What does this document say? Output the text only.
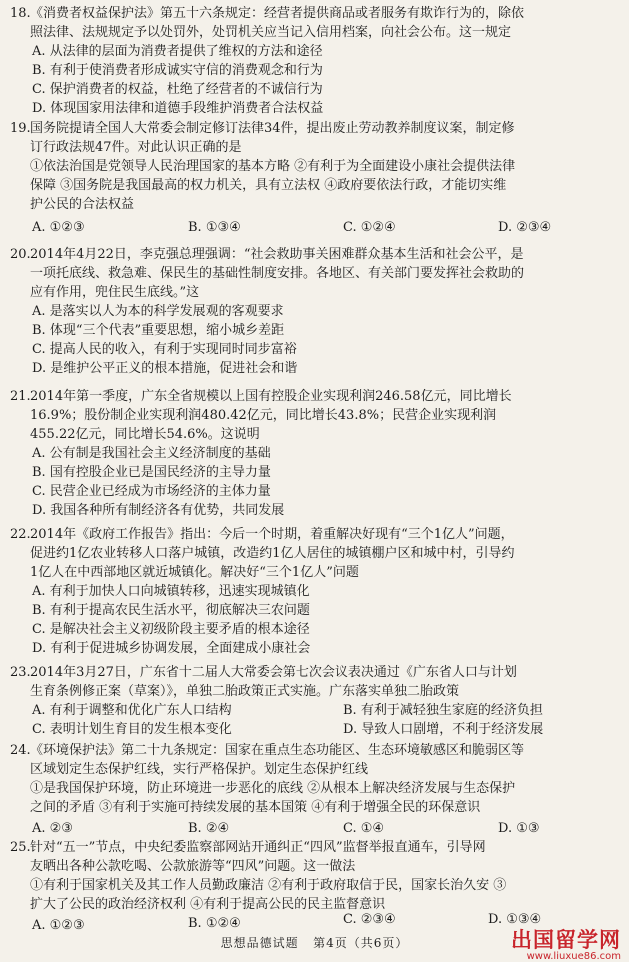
18. 《消费者权益保护法》第五十六条规定：经营者提供商品或者服务有欺诈行为的，除依
照法律、法规规定予以处罚外，处罚机关应当记入信用档案，向社会公布。这一规定
A. 从法律的层面为消费者提供了维权的方法和途径
B. 有利于使消费者形成诚实守信的消费观念和行为
C. 保护消费者的权益，杜绝了经营者的不诚信行为
D. 体现国家用法律和道德手段维护消费者合法权益
19. 国务院提请全国人大常委会制定修订法律34件，提出废止劳动教养制度议案，制定修
订行政法规47件。对此认识正确的是
①依法治国是党领导人民治理国家的基本方略 ②有利于为全面建设小康社会提供法律
保障 ③国务院是我国最高的权力机关，具有立法权 ④政府要依法行政，才能切实维
护公民的合法权益
A. ①②③	B. ①③④	C. ①②④	D. ②③④
20. 2014年4月22日，李克强总理强调：“社会救助事关困难群众基本生活和社会公平，是
一项托底线、救急难、保民生的基础性制度安排。各地区、有关部门要发挥社会救助的
应有作用，兜住民生底线。”这
A. 是落实以人为本的科学发展观的客观要求
B. 体现“三个代表”重要思想，缩小城乡差距
C. 提高人民的收入，有利于实现同时同步富裕
D. 是维护公平正义的根本措施，促进社会和谐
21. 2014年第一季度，广东全省规模以上国有控股企业实现利润246.58亿元，同比增长
16.9%；股份制企业实现利润480.42亿元，同比增长43.8%；民营企业实现利润
455.22亿元，同比增长54.6%。这说明
A. 公有制是我国社会主义经济制度的基础
B. 国有控股企业已是国民经济的主导力量
C. 民营企业已经成为市场经济的主体力量
D. 我国各种所有制经济各有优势，共同发展
22. 2014年《政府工作报告》指出：今后一个时期，着重解决好现有“三个1亿人”问题，
促进约1亿农业转移人口落户城镇，改造约1亿人居住的城镇棚户区和城中村，引导约
1亿人在中西部地区就近城镇化。解决好“三个1亿人”问题
A. 有利于加快人口向城镇转移，迅速实现城镇化
B. 有利于提高农民生活水平，彻底解决三农问题
C. 是解决社会主义初级阶段主要矛盾的根本途径
D. 有利于促进城乡协调发展，全面建成小康社会
23. 2014年3月27日，广东省十二届人大常委会第七次会议表决通过《广东省人口与计划
生育条例修正案（草案）》，单独二胎政策正式实施。广东落实单独二胎政策
A. 有利于调整和优化广东人口结构	B. 有利于减轻独生家庭的经济负担
C. 表明计划生育目的发生根本变化	D. 导致人口剧增，不利于经济发展
24. 《环境保护法》第二十九条规定：国家在重点生态功能区、生态环境敏感区和脆弱区等
区域划定生态保护红线，实行严格保护。划定生态保护红线
①是我国保护环境，防止环境进一步恶化的底线 ②从根本上解决经济发展与生态保护
之间的矛盾 ③有利于实施可持续发展的基本国策 ④有利于增强全民的环保意识
A. ②③	B. ②④	C. ①④	D. ①③
25. 针对“五一”节点，中央纪委监察部网站开通纠正“四风”监督举报直通车，引导网
友晒出各种公款吃喝、公款旅游等“四风”问题。这一做法
①有利于国家机关及其工作人员勤政廉洁 ②有利于政府取信于民，国家长治久安 ③
扩大了公民的政治经济权利 ④有利于提高公民的民主监督意识
A. ①②③	B. ①②④	C. ②③④	D. ①③④
思想品德试题 第4页（共6页）	出国留学网
www.liuxue86.com
